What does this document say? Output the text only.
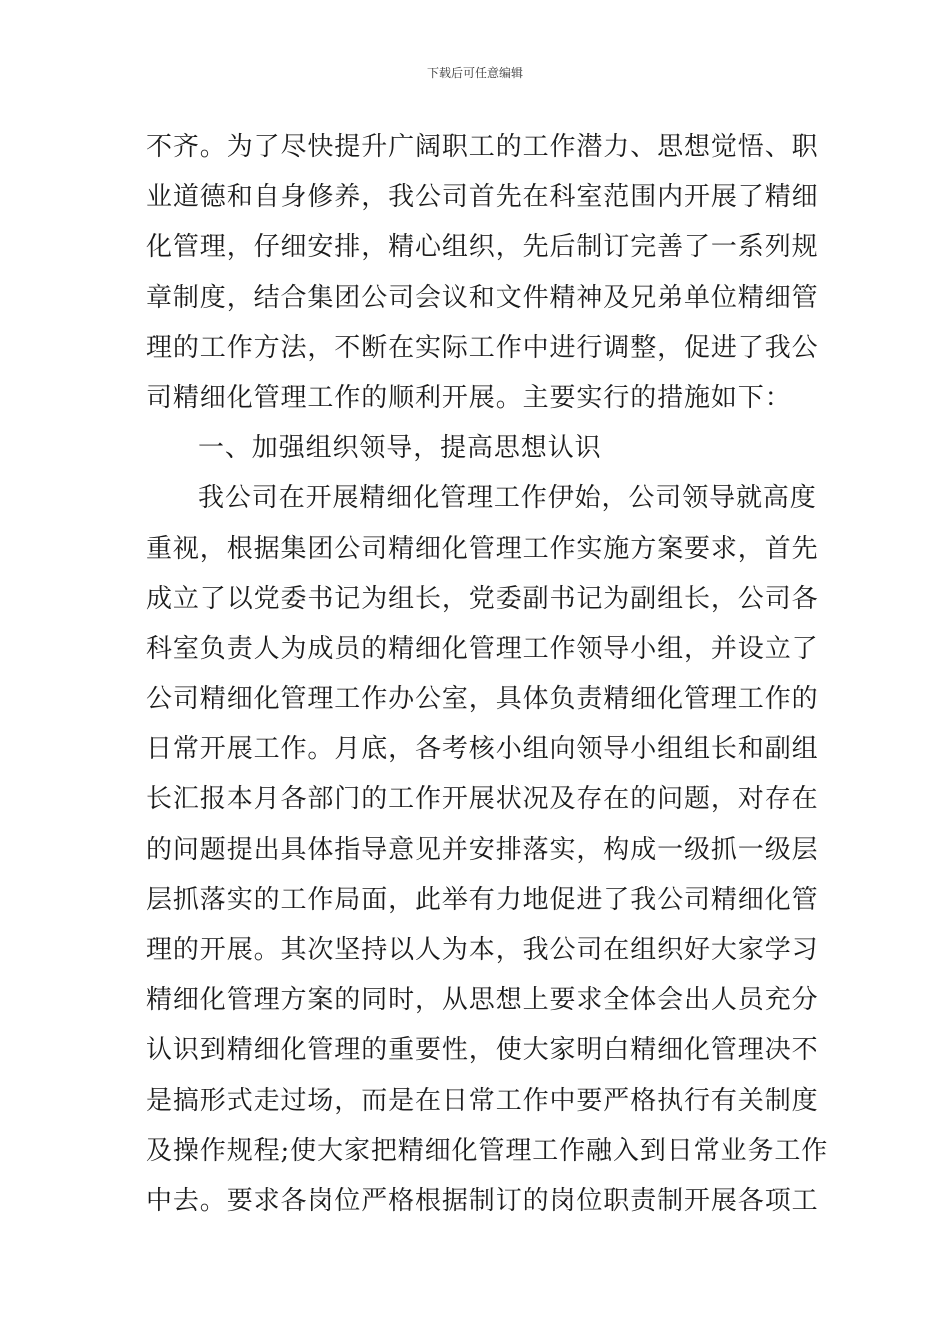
下载后可任意编辑
不齐。为了尽快提升广阔职工的工作潜力、思想觉悟、职
业道德和自身修养，我公司首先在科室范围内开展了精细
化管理，仔细安排，精心组织，先后制订完善了一系列规
章制度，结合集团公司会议和文件精神及兄弟单位精细管
理的工作方法，不断在实际工作中进行调整，促进了我公
司精细化管理工作的顺利开展。主要实行的措施如下：
一、加强组织领导，提高思想认识
我公司在开展精细化管理工作伊始，公司领导就高度
重视，根据集团公司精细化管理工作实施方案要求，首先
成立了以党委书记为组长，党委副书记为副组长，公司各
科室负责人为成员的精细化管理工作领导小组，并设立了
公司精细化管理工作办公室，具体负责精细化管理工作的
日常开展工作。月底，各考核小组向领导小组组长和副组
长汇报本月各部门的工作开展状况及存在的问题，对存在
的问题提出具体指导意见并安排落实，构成一级抓一级层
层抓落实的工作局面，此举有力地促进了我公司精细化管
理的开展。其次坚持以人为本，我公司在组织好大家学习
精细化管理方案的同时，从思想上要求全体会出人员充分
认识到精细化管理的重要性，使大家明白精细化管理决不
是搞形式走过场，而是在日常工作中要严格执行有关制度
及操作规程;使大家把精细化管理工作融入到日常业务工作
中去。要求各岗位严格根据制订的岗位职责制开展各项工
